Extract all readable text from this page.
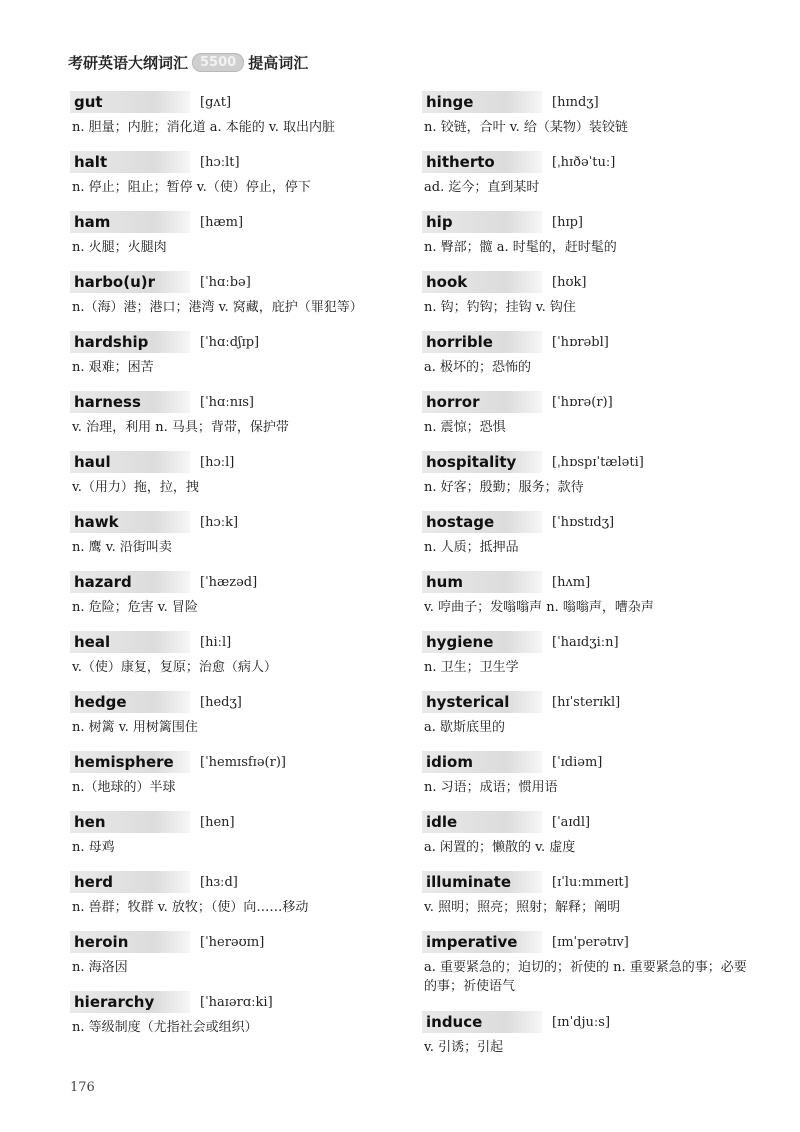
考研英语大纲词汇 5500 提高词汇
gut	[gʌt]
n. 胆量；内脏；消化道 a. 本能的 v. 取出内脏
halt	[hɔːlt]
n. 停止；阻止；暂停 v.（使）停止，停下
ham	[hæm]
n. 火腿；火腿肉
harbo(u)r	[ˈhɑːbə]
n.（海）港；港口；港湾 v. 窝藏，庇护（罪犯等）
hardship	[ˈhɑːdʃɪp]
n. 艰难；困苦
harness	[ˈhɑːnɪs]
v. 治理，利用 n. 马具；背带，保护带
haul	[hɔːl]
v.（用力）拖，拉，拽
hawk	[hɔːk]
n. 鹰 v. 沿街叫卖
hazard	[ˈhæzəd]
n. 危险；危害 v. 冒险
heal	[hiːl]
v.（使）康复，复原；治愈（病人）
hedge	[hedʒ]
n. 树篱 v. 用树篱围住
hemisphere	[ˈhemɪsfɪə(r)]
n.（地球的）半球
hen	[hen]
n. 母鸡
herd	[hɜːd]
n. 兽群；牧群 v. 放牧；（使）向……移动
heroin	[ˈherəʊɪn]
n. 海洛因
hierarchy	[ˈhaɪərɑːki]
n. 等级制度（尤指社会或组织）
hinge	[hɪndʒ]
n. 铰链，合叶 v. 给（某物）装铰链
hitherto	[ˌhɪðəˈtuː]
ad. 迄今；直到某时
hip	[hɪp]
n. 臀部；髋 a. 时髦的，赶时髦的
hook	[hʊk]
n. 钩；钓钩；挂钩 v. 钩住
horrible	[ˈhɒrəbl]
a. 极坏的；恐怖的
horror	[ˈhɒrə(r)]
n. 震惊；恐惧
hospitality	[ˌhɒspɪˈtæləti]
n. 好客；殷勤；服务；款待
hostage	[ˈhɒstɪdʒ]
n. 人质；抵押品
hum	[hʌm]
v. 哼曲子；发嗡嗡声 n. 嗡嗡声，嘈杂声
hygiene	[ˈhaɪdʒiːn]
n. 卫生；卫生学
hysterical	[hɪˈsterɪkl]
a. 歇斯底里的
idiom	[ˈɪdiəm]
n. 习语；成语；惯用语
idle	[ˈaɪdl]
a. 闲置的；懒散的 v. 虚度
illuminate	[ɪˈluːmɪneɪt]
v. 照明；照亮；照射；解释；阐明
imperative	[ɪmˈperətɪv]
a. 重要紧急的；迫切的；祈使的 n. 重要紧急的事；必要的事；祈使语气
induce	[ɪnˈdjuːs]
v. 引诱；引起
176
